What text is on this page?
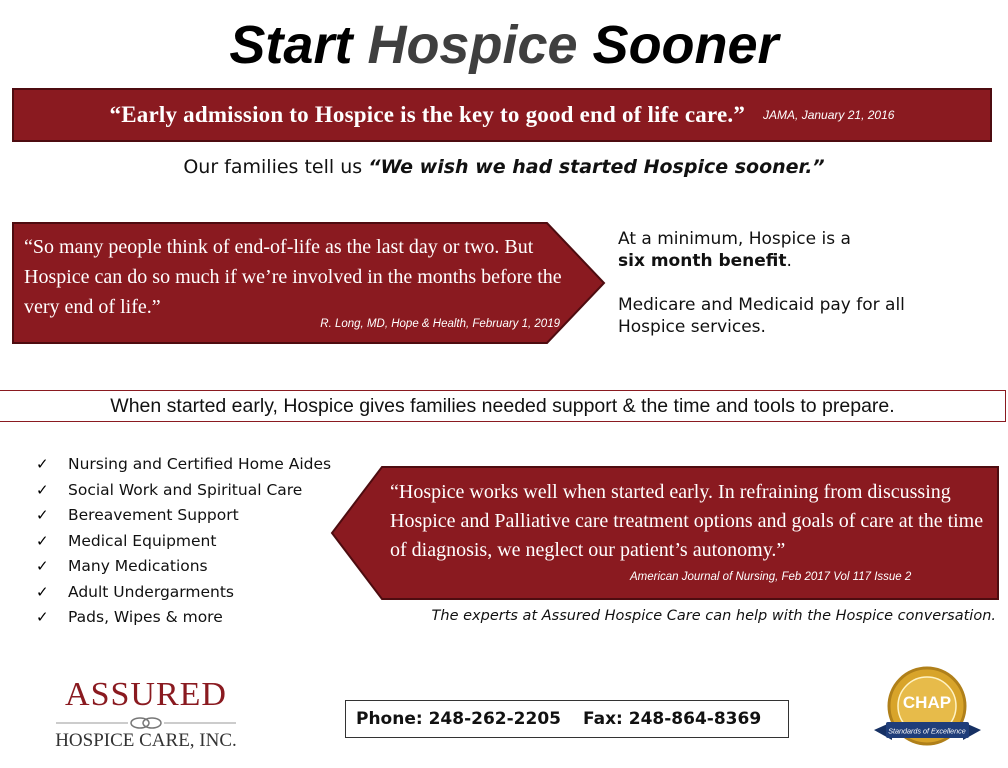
Start Hospice Sooner
“Early admission to Hospice is the key to good end of life care.” JAMA, January 21, 2016
Our families tell us “We wish we had started Hospice sooner.”
“So many people think of end-of-life as the last day or two. But Hospice can do so much if we’re involved in the months before the very end of life.”
R. Long, MD, Hope & Health, February 1, 2019

At a minimum, Hospice is a
six month benefit.

Medicare and Medicaid pay for all Hospice services.

When started early, Hospice gives families needed support & the time and tools to prepare.
✓	Nursing and Certified Home Aides
✓	Social Work and Spiritual Care
✓	Bereavement Support
✓	Medical Equipment
✓	Many Medications
✓	Adult Undergarments
✓	Pads, Wipes & more
“Hospice works well when started early. In refraining from discussing Hospice and Palliative care treatment options and goals of care at the time of diagnosis, we neglect our patient’s autonomy.”
American Journal of Nursing, Feb 2017 Vol 117 Issue 2
The experts at Assured Hospice Care can help with the Hospice conversation.
ASSURED
HOSPICE CARE, INC.
Phone: 248-262-2205 Fax: 248-864-8369
CHAP
Standards of Excellence
